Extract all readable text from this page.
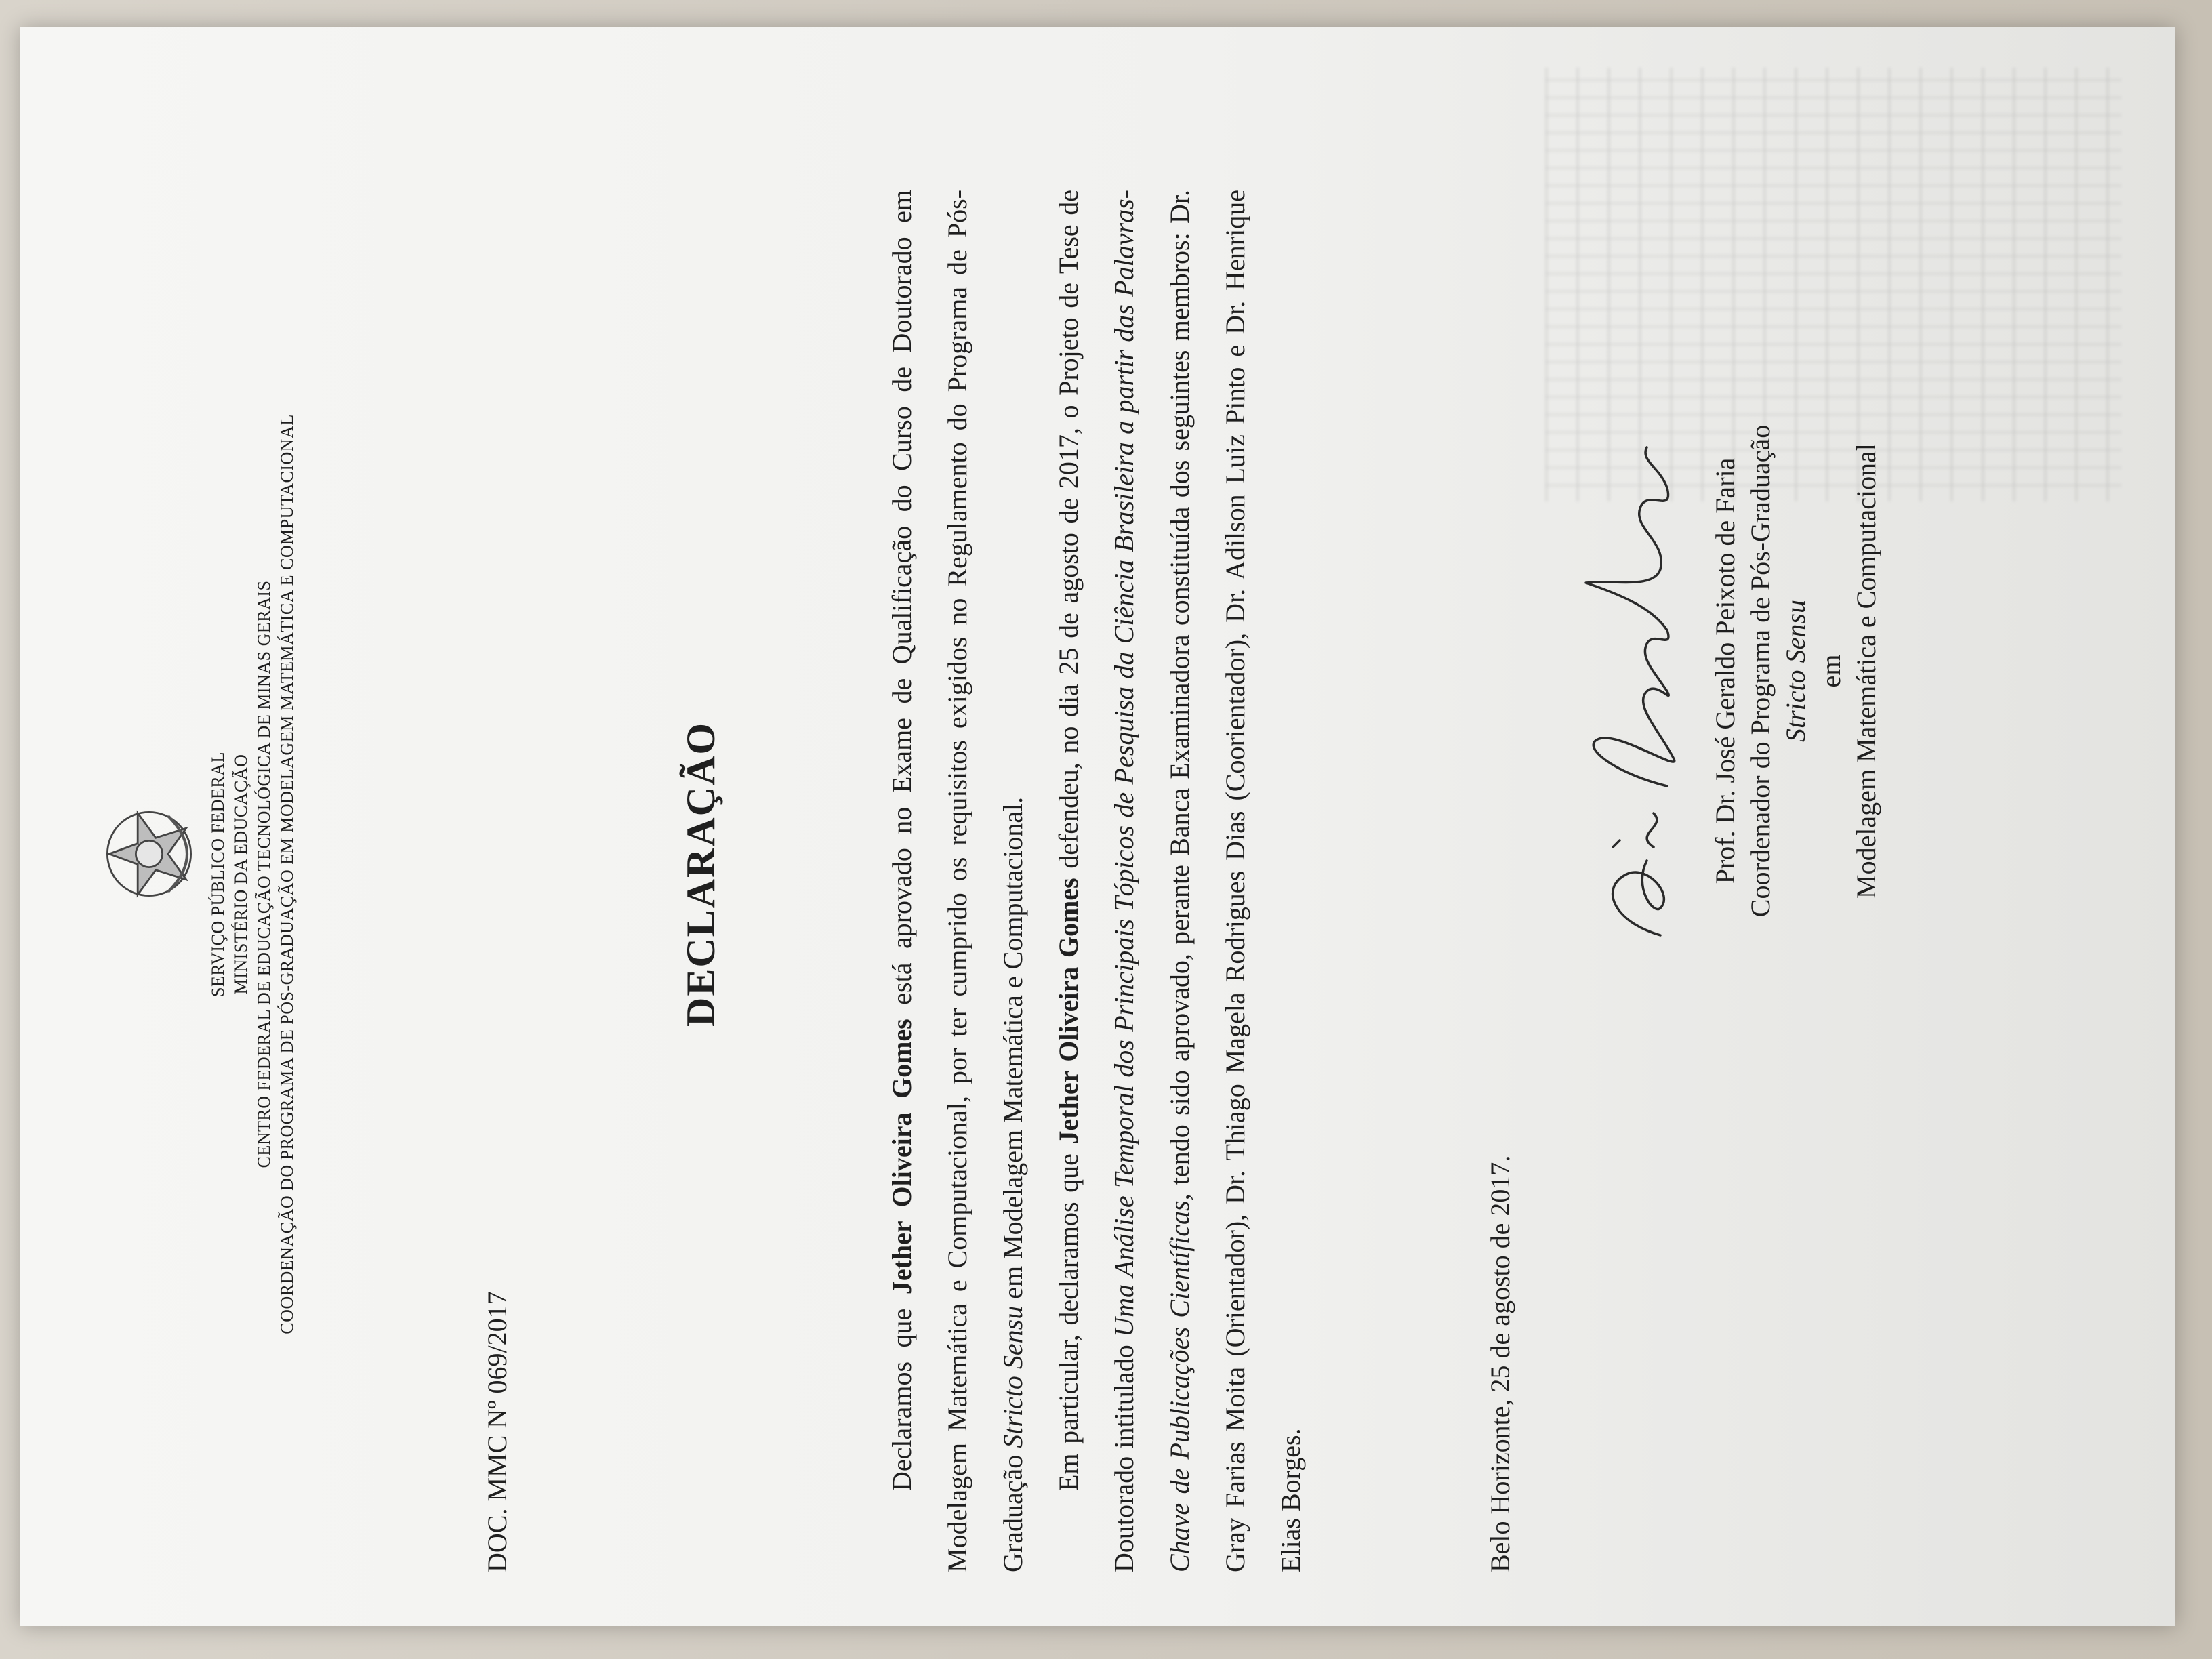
SERVIÇO PÚBLICO FEDERAL MINISTÉRIO DA EDUCAÇÃO CENTRO FEDERAL DE EDUCAÇÃO TECNOLÓGICA DE MINAS GERAIS COORDENAÇÃO DO PROGRAMA DE PÓS-GRADUAÇÃO EM MODELAGEM MATEMÁTICA E COMPUTACIONAL
DOC. MMC Nº 069/2017
DECLARAÇÃO

Declaramos que Jether Oliveira Gomes está aprovado no Exame de Qualificação do Curso de Doutorado em Modelagem Matemática e Computacional, por ter cumprido os requisitos exigidos no Regulamento do Programa de Pós-Graduação Stricto Sensu em Modelagem Matemática e Computacional.

Em particular, declaramos que Jether Oliveira Gomes defendeu, no dia 25 de agosto de 2017, o Projeto de Tese de Doutorado intitulado Uma Análise Temporal dos Principais Tópicos de Pesquisa da Ciência Brasileira a partir das Palavras-Chave de Publicações Científicas, tendo sido aprovado, perante Banca Examinadora constituída dos seguintes membros: Dr. Gray Farias Moita (Orientador), Dr. Thiago Magela Rodrigues Dias (Coorientador), Dr. Adilson Luiz Pinto e Dr. Henrique Elias Borges.	Belo Horizonte, 25 de agosto de 2017.
Prof. Dr. José Geraldo Peixoto de Faria Coordenador do Programa de Pós-Graduação Stricto Sensu em Modelagem Matemática e Computacional
